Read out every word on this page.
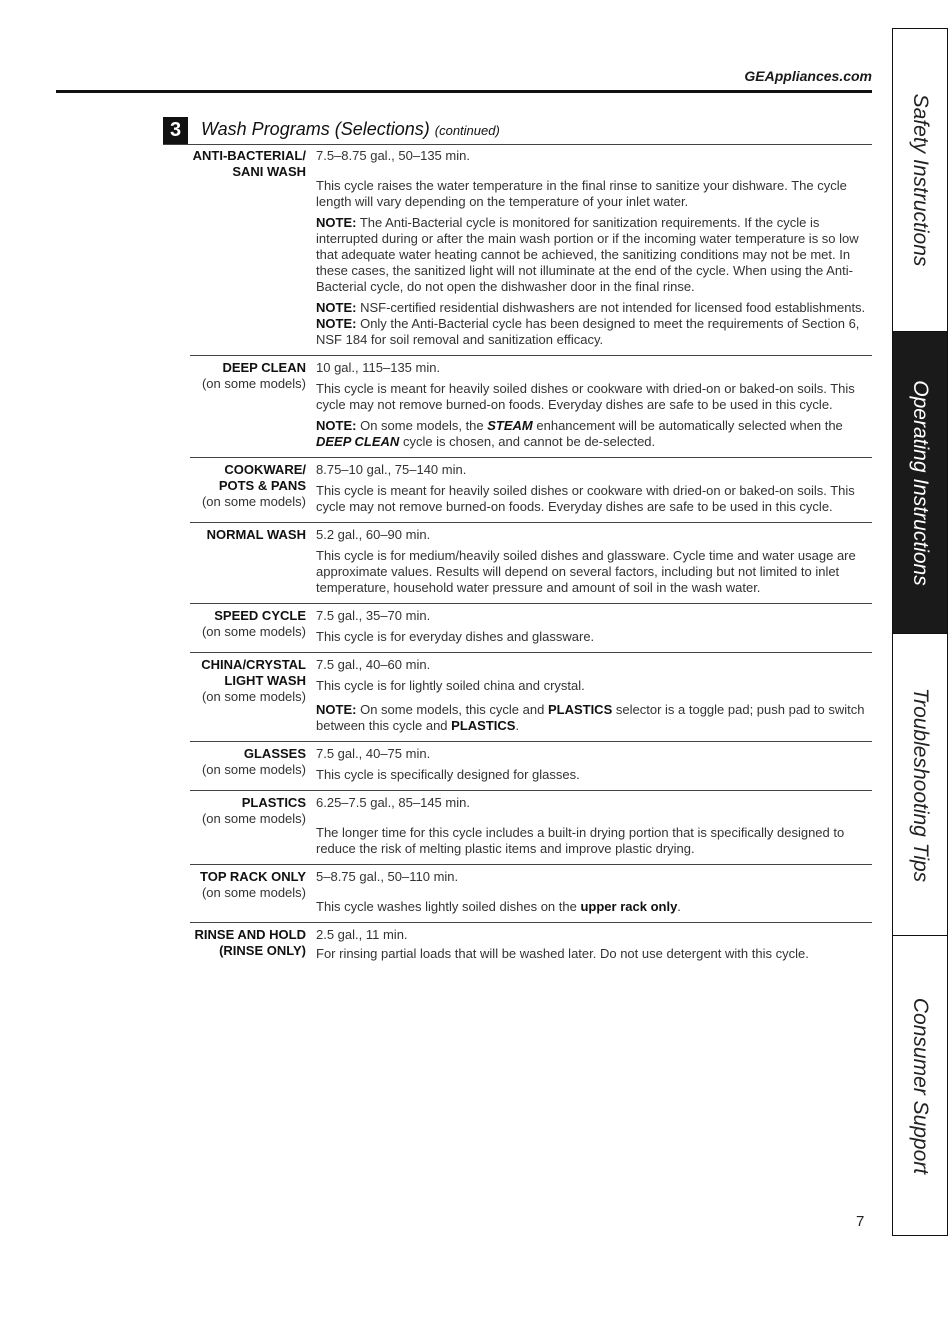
GEAppliances.com
3	Wash Programs (Selections) (continued)
ANTI-BACTERIAL/ SANI WASH

7.5–8.75 gal., 50–135 min.

This cycle raises the water temperature in the final rinse to sanitize your dishware. The cycle length will vary depending on the temperature of your inlet water.

NOTE: The Anti-Bacterial cycle is monitored for sanitization requirements. If the cycle is interrupted during or after the main wash portion or if the incoming water temperature is so low that adequate water heating cannot be achieved, the sanitizing conditions may not be met. In these cases, the sanitized light will not illuminate at the end of the cycle. When using the Anti-Bacterial cycle, do not open the dishwasher door in the final rinse.

NOTE: NSF-certified residential dishwashers are not intended for licensed food establishments.

NOTE: Only the Anti-Bacterial cycle has been designed to meet the requirements of Section 6, NSF 184 for soil removal and sanitization efficacy.

DEEP CLEAN
(on some models)

10 gal., 115–135 min.

This cycle is meant for heavily soiled dishes or cookware with dried-on or baked-on soils. This cycle may not remove burned-on foods. Everyday dishes are safe to be used in this cycle.

NOTE: On some models, the STEAM enhancement will be automatically selected when the DEEP CLEAN cycle is chosen, and cannot be de-selected.

COOKWARE/ POTS & PANS
(on some models)

8.75–10 gal., 75–140 min.

This cycle is meant for heavily soiled dishes or cookware with dried-on or baked-on soils. This cycle may not remove burned-on foods. Everyday dishes are safe to be used in this cycle.

NORMAL WASH 5.2 gal., 60–90 min.

This cycle is for medium/heavily soiled dishes and glassware. Cycle time and water usage are approximate values. Results will depend on several factors, including but not limited to inlet temperature, household water pressure and amount of soil in the wash water.

SPEED CYCLE
(on some models)

7.5 gal., 35–70 min.

This cycle is for everyday dishes and glassware.

CHINA/CRYSTAL LIGHT WASH
(on some models)

7.5 gal., 40–60 min.

This cycle is for lightly soiled china and crystal.

NOTE: On some models, this cycle and PLASTICS selector is a toggle pad; push pad to switch between this cycle and PLASTICS.

GLASSES
(on some models)

7.5 gal., 40–75 min.

This cycle is specifically designed for glasses.

PLASTICS
(on some models)

6.25–7.5 gal., 85–145 min.

The longer time for this cycle includes a built-in drying portion that is specifically designed to reduce the risk of melting plastic items and improve plastic drying.

TOP RACK ONLY
(on some models)

5–8.75 gal., 50–110 min.

This cycle washes lightly soiled dishes on the upper rack only.

RINSE AND HOLD (RINSE ONLY)

2.5 gal., 11 min.

For rinsing partial loads that will be washed later. Do not use detergent with this cycle.

Safety Instructions
Operating Instructions
Troubleshooting Tips
Consumer Support
7
